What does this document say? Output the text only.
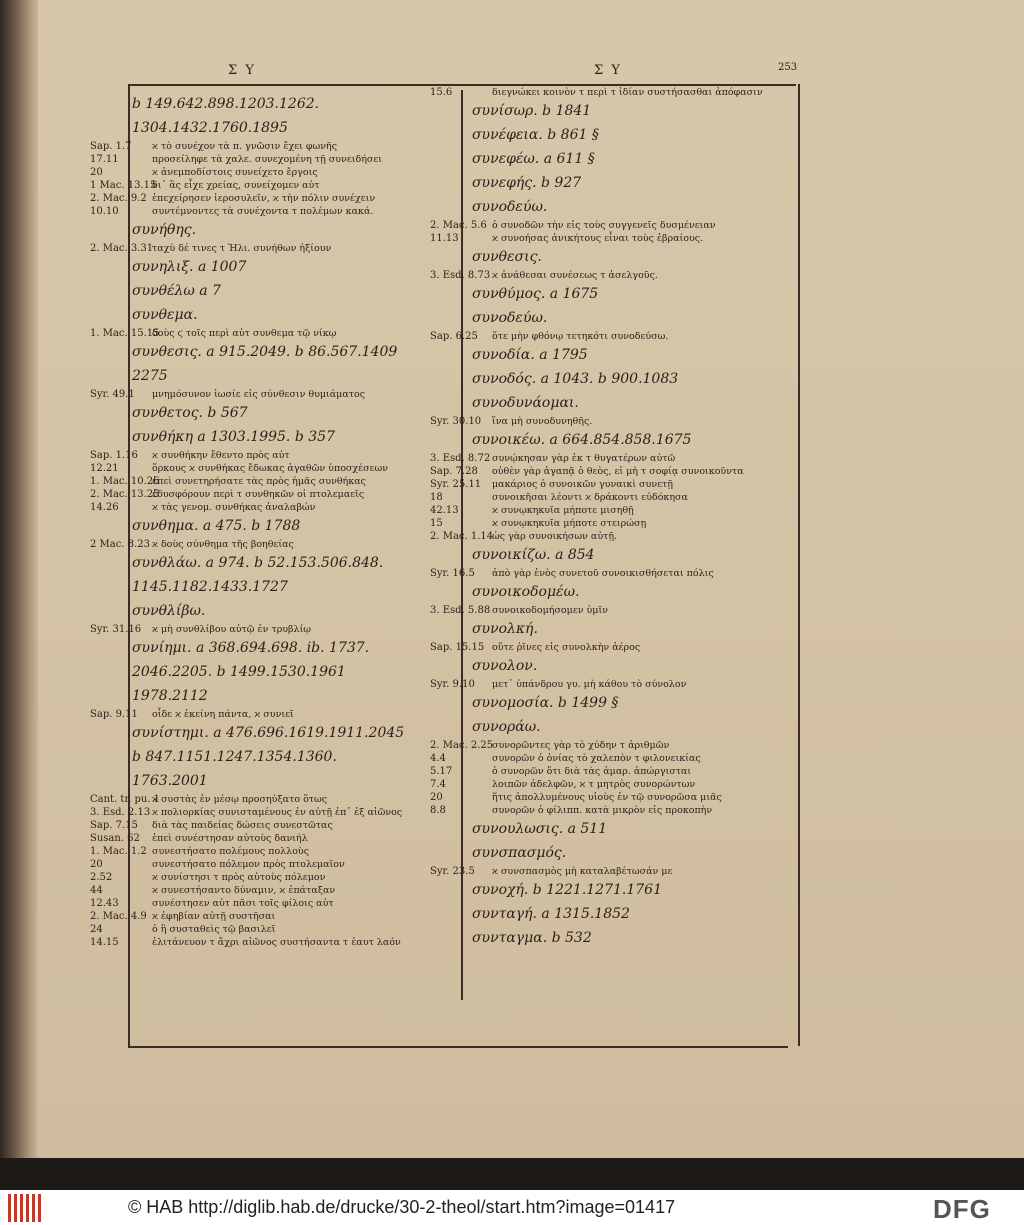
Σ Υ	Σ Υ	253
b 149.642.898.1203.1262.
1304.1432.1760.1895
Sap. 1.7 ϰ τὸ συνέχον τὰ π. γνῶσιν ἔχει φωνῆς
17.11	προσείληφε τὰ χαλε. συνεχομένη τῇ συνειδήσει
20	ϰ ἀνεμποδίστοις συνείχετο ἔργοις
1 Mac. 13.15δι᾿ ἃς εἶχε χρείας, συνείχομεν αὐτ
2. Mac. 9.2 ἐπεχείρησεν ἱεροσυλεῖν, ϰ τὴν πόλιν συνέχειν
10.10	συντέμνοντες τὰ συνέχοντα τ πολέμων κακά.
συνήθης.
2. Mac. 3.31ταχὺ δέ τινες τ Ἡλι. συνήθων ἠξίουν
συνηλιξ. a 1007
συνθέλω a 7
συνθεμα.
1. Mac. 15.15δοὺς ϛ τοῖς περὶ αὐτ συνθεμα τῷ νίκῳ
συνθεσις. a 915.2049. b 86.567.1409
2275
Syr. 49.1 μνημόσυνον ἰωσίε εἰς σύνθεσιν θυμιάματος
συνθετος. b 567
συνθήκη a 1303.1995. b 357
Sap. 1.16 ϰ συνθήκην ἔθεντο πρὸς αὐτ
12.21	ὅρκους ϰ συνθήκας ἔδωκας ἀγαθῶν ὑποσχέσεων
1. Mac. 10.26ἐπεὶ συνετηρήσατε τὰς πρὸς ἡμᾶς συνθήκας
2. Mac. 13.25ἐδυσφόρουν περὶ τ συνθηκῶν οἱ πτολεμαεῖς
14.26	ϰ τὰς γενομ. συνθήκας ἀναλαβών
συνθημα. a 475. b 1788
2 Mac. 8.23 ϰ δοὺς σύνθημα τῆς βοηθείας
συνθλάω. a 974. b 52.153.506.848.
1145.1182.1433.1727
συνθλίβω.
Syr. 31.16 ϰ μὴ συνθλίβου αὐτῷ ἐν τρυβλίῳ
συνίημι. a 368.694.698. ib. 1737.
2046.2205. b 1499.1530.1961
1978.2112
Sap. 9.11 οἶδε ϰ ἐκείνη πάντα, ϰ συνιεῖ
συνίστημι. a 476.696.1619.1911.2045
b 847.1151.1247.1354.1360.
1763.2001
Cant. tr. pu. 1ϰ συστὰς ἐν μέσῳ προσηύξατο ὅτως
3. Esd. 2.13 ϰ πολιορκίας συνισταμένους ἐν αὐτῇ ἐπ᾿ ἐξ αἰῶνος
Sap. 7.15 διὰ τὰς παιδείας δώσεις συνεστῶτας
Susan. 62 ἐπεὶ συνέστησαν αὐτοὺς δανιήλ
1. Mac. 1.2 συνεστήσατο πολέμους πολλοὺς
20	συνεστήσατο πόλεμον πρὸς πτολεμαῖον
2.52	ϰ συνίστησι τ πρὸς αὐτοὺς πόλεμον
44	ϰ συνεστήσαντο δύναμιν, ϰ ἐπάταξαν
12.43	συνέστησεν αὐτ πᾶσι τοῖς φίλοις αὐτ
2. Mac. 4.9 ϰ ἐφηβίαν αὐτῇ συστῆσαι
24	ὁ ἢ συσταθεὶς τῷ βασιλεῖ
14.15	ἐλιτάνευον τ ἄχρι αἰῶνος συστήσαντα τ ἑαυτ λαόν
15.6	διεγνώκει κοινὸν τ περὶ τ ἰδίαν συστήσασθαι ἀπόφασιν
συνίσωρ. b 1841
συνέφεια. b 861 §
συνεφέω. a 611 §
συνεφής. b 927
συνοδεύω.
2. Mac. 5.6 ὁ συνοδῶν τὴν εἰς τοὺς συγγενεῖς δυσμένειαν
11.13	ϰ συνοήσας ἀνικήτους εἶναι τοὺς ἑβραίους.
συνθεσις.
3. Esd. 8.73 ϰ ἀνάθεσαι συνέσεως τ ἀσελγοῦς.
συνθύμος. a 1675
συνοδεύω.
Sap. 6.25 ὅτε μὴν φθόνῳ τετηκότι συνοδεύσω.
συνοδία. a 1795
συνοδός. a 1043. b 900.1083
συνοδυνάομαι.
Syr. 30.10 ἵνα μὴ συνοδυνηθῆς.
συνοικέω. a 664.854.858.1675
3. Esd. 8.72 συνῴκησαν γὰρ ἐκ τ θυγατέρων αὐτῶ
Sap. 7.28 οὐθὲν γὰρ ἀγαπᾷ ὁ θεὸς, εἰ μὴ τ σοφίᾳ συνοικοῦντα
Syr. 25.11 μακάριος ὁ συνοικῶν γυναικὶ συνετῇ
18	συνοικῆσαι λέοντι ϰ δράκοντι εὐδόκησα
42.13	ϰ συνῳκηκυῖα μήποτε μισηθῇ
15	ϰ συνῳκηκυῖα μήποτε στειρώσῃ
2. Mac. 1.14ὡς γὰρ συνοικήσων αὐτῇ.
συνοικίζω. a 854
Syr. 16.5 ἀπὸ γὰρ ἑνὸς συνετοῦ συνοικισθήσεται πόλις
συνοικοδομέω.
3. Esd. 5.88 συνοικοδομήσομεν ὑμῖν
συνολκή.
Sap. 15.15 οὔτε ῥῖνες εἰς συνολκὴν ἀέρος
συνολον.
Syr. 9.10 μετ᾿ ὑπάνδρου γυ. μὴ κάθου τὸ σύνολον
συνομοσία. b 1499 §
συνοράω.
2. Mac. 2.25συνορῶντες γὰρ τὸ χύδην τ ἀριθμῶν
4.4	συνορῶν ὁ ὀνίας τὸ χαλεπὸν τ φιλονεικίας
5.17	ὁ συνορῶν ὅτι διὰ τὰς ἁμαρ. ἀπώργισται
7.4	λοιπῶν ἀδελφῶν, ϰ τ μητρὸς συνορώντων
20	ἥτις ἀπολλυμένους υἱοὺς ἐν τῷ συνορῶσα μιᾶς
8.8	συνορῶν ὁ φίλιππ. κατὰ μικρὸν εἰς προκοπὴν
συνουλωσις. a 511
συνσπασμός.
Syr. 23.5 ϰ συνσπασμὸς μὴ καταλαβέτωσάν με
συνοχή. b 1221.1271.1761
συνταγή. a 1315.1852
συνταγμα. b 532
© HAB http://diglib.hab.de/drucke/30-2-theol/start.htm?image=01417	DFG
